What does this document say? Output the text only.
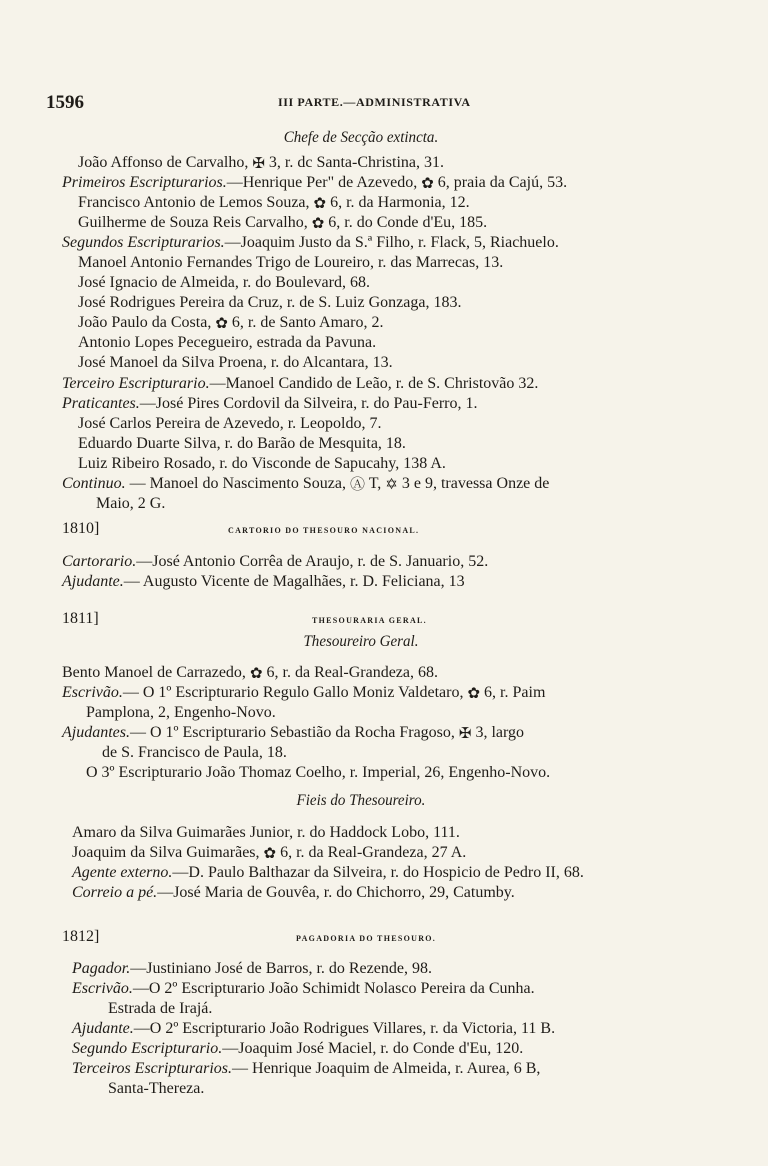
1596	III PARTE.—ADMINISTRATIVA
Chefe de Secção extincta.
João Affonso de Carvalho, ✠ 3, r. dc Santa-Christina, 31.
Primeiros Escripturarios.—Henrique Per" de Azevedo, ✿ 6, praia da Cajú, 53.
Francisco Antonio de Lemos Souza, ✿ 6, r. da Harmonia, 12.
Guilherme de Souza Reis Carvalho, ✿ 6, r. do Conde d'Eu, 185.
Segundos Escripturarios.—Joaquim Justo da S.ª Filho, r. Flack, 5, Riachuelo.
Manoel Antonio Fernandes Trigo de Loureiro, r. das Marrecas, 13.
José Ignacio de Almeida, r. do Boulevard, 68.
José Rodrigues Pereira da Cruz, r. de S. Luiz Gonzaga, 183.
João Paulo da Costa, ✿ 6, r. de Santo Amaro, 2.
Antonio Lopes Pecegueiro, estrada da Pavuna.
José Manoel da Silva Proena, r. do Alcantara, 13.
Terceiro Escripturario.—Manoel Candido de Leão, r. de S. Christovão 32.
Praticantes.—José Pires Cordovil da Silveira, r. do Pau-Ferro, 1.
José Carlos Pereira de Azevedo, r. Leopoldo, 7.
Eduardo Duarte Silva, r. do Barão de Mesquita, 18.
Luiz Ribeiro Rosado, r. do Visconde de Sapucahy, 138 A.
Continuo. — Manoel do Nascimento Souza, Ⓐ T, ✡ 3 e 9, travessa Onze de
Maio, 2 G.
1810]	CARTORIO DO THESOURO NACIONAL.
Cartorario.—José Antonio Corrêa de Araujo, r. de S. Januario, 52.
Ajudante.— Augusto Vicente de Magalhães, r. D. Feliciana, 13
1811]	THESOURARIA GERAL.
Thesoureiro Geral.
Bento Manoel de Carrazedo, ✿ 6, r. da Real-Grandeza, 68.
Escrivão.— O 1º Escripturario Regulo Gallo Moniz Valdetaro, ✿ 6, r. Paim
Pamplona, 2, Engenho-Novo.
Ajudantes.— O 1º Escripturario Sebastião da Rocha Fragoso, ✠ 3, largo
de S. Francisco de Paula, 18.
O 3º Escripturario João Thomaz Coelho, r. Imperial, 26, Engenho-Novo.
Fieis do Thesoureiro.
Amaro da Silva Guimarães Junior, r. do Haddock Lobo, 111.
Joaquim da Silva Guimarães, ✿ 6, r. da Real-Grandeza, 27 A.
Agente externo.—D. Paulo Balthazar da Silveira, r. do Hospicio de Pedro II, 68.
Correio a pé.—José Maria de Gouvêa, r. do Chichorro, 29, Catumby.
1812]	PAGADORIA DO THESOURO.
Pagador.—Justiniano José de Barros, r. do Rezende, 98.
Escrivão.—O 2º Escripturario João Schimidt Nolasco Pereira da Cunha.
Estrada de Irajá.
Ajudante.—O 2º Escripturario João Rodrigues Villares, r. da Victoria, 11 B.
Segundo Escripturario.—Joaquim José Maciel, r. do Conde d'Eu, 120.
Terceiros Escripturarios.— Henrique Joaquim de Almeida, r. Aurea, 6 B,
Santa-Thereza.
